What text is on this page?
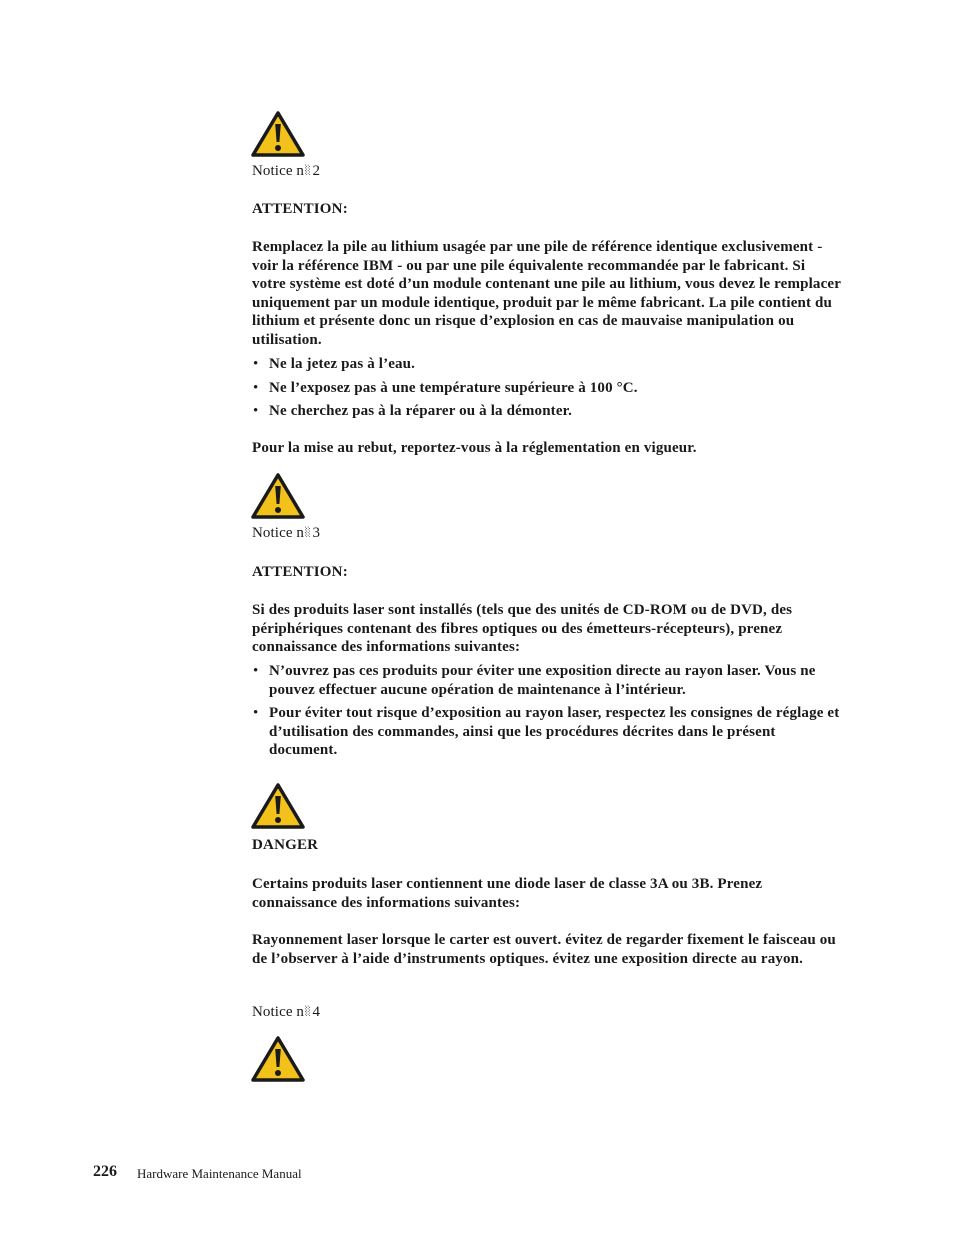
Notice n░ 2
ATTENTION:
Remplacez la pile au lithium usagée par une pile de référence identique exclusivement - voir la référence IBM - ou par une pile équivalente recommandée par le fabricant. Si votre système est doté d’un module contenant une pile au lithium, vous devez le remplacer uniquement par un module identique, produit par le même fabricant. La pile contient du lithium et présente donc un risque d’explosion en cas de mauvaise manipulation ou utilisation.
• Ne la jetez pas à l’eau.
• Ne l’exposez pas à une température supérieure à 100 °C.
• Ne cherchez pas à la réparer ou à la démonter.
Pour la mise au rebut, reportez-vous à la réglementation en vigueur.
Notice n░ 3
ATTENTION:
Si des produits laser sont installés (tels que des unités de CD-ROM ou de DVD, des périphériques contenant des fibres optiques ou des émetteurs-récepteurs), prenez connaissance des informations suivantes:
• N’ouvrez pas ces produits pour éviter une exposition directe au rayon laser. Vous ne pouvez effectuer aucune opération de maintenance à l’intérieur.
• Pour éviter tout risque d’exposition au rayon laser, respectez les consignes de réglage et d’utilisation des commandes, ainsi que les procédures décrites dans le présent document.
DANGER
Certains produits laser contiennent une diode laser de classe 3A ou 3B. Prenez connaissance des informations suivantes:
Rayonnement laser lorsque le carter est ouvert. évitez de regarder fixement le faisceau ou de l’observer à l’aide d’instruments optiques. évitez une exposition directe au rayon.
Notice n░ 4
226 Hardware Maintenance Manual
